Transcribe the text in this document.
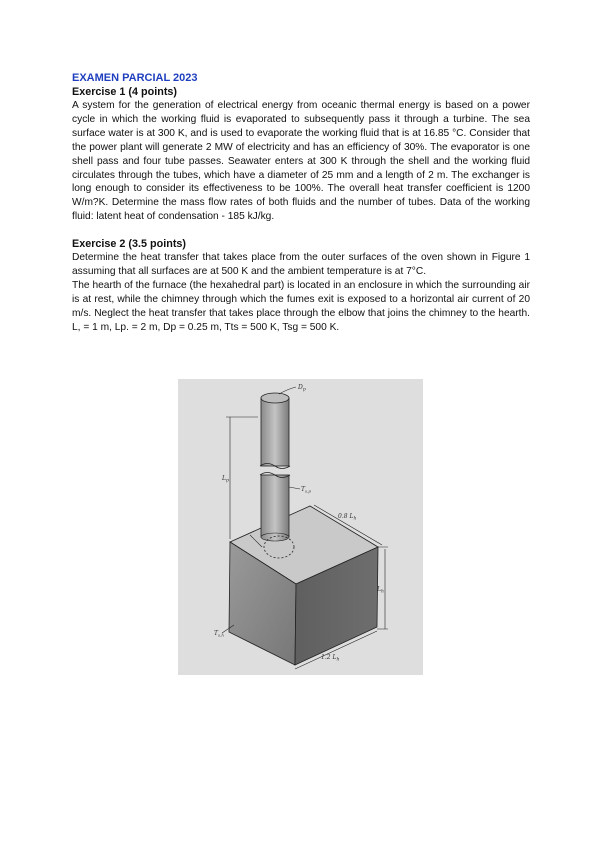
EXAMEN PARCIAL 2023

Exercise 1 (4 points)

A system for the generation of electrical energy from oceanic thermal energy is based on a power cycle in which the working fluid is evaporated to subsequently pass it through a turbine. The sea surface water is at 300 K, and is used to evaporate the working fluid that is at 16.85 °C. Consider that the power plant will generate 2 MW of electricity and has an efficiency of 30%. The evaporator is one shell pass and four tube passes. Seawater enters at 300 K through the shell and the working fluid circulates through the tubes, which have a diameter of 25 mm and a length of 2 m. The exchanger is long enough to consider its effectiveness to be 100%. The overall heat transfer coefficient is 1200 W/m?K. Determine the mass flow rates of both fluids and the number of tubes. Data of the working fluid: latent heat of condensation - 185 kJ/kg.

Exercise 2 (3.5 points)

Determine the heat transfer that takes place from the outer surfaces of the oven shown in Figure 1 assuming that all surfaces are at 500 K and the ambient temperature is at 7°C.

The hearth of the furnace (the hexahedral part) is located in an enclosure in which the surrounding air is at rest, while the chimney through which the fumes exit is exposed to a horizontal air current of 20 m/s. Neglect the heat transfer that takes place through the elbow that joins the chimney to the hearth. L, = 1 m, Lp. = 2 m, Dp = 0.25 m, Tts = 500 K, Tsg = 500 K.

$D_p$
$L_p$
$T_{s,p}$
0.8 $L_h$
$L_h$
$T_{s,h}$
1.2 $L_h$
